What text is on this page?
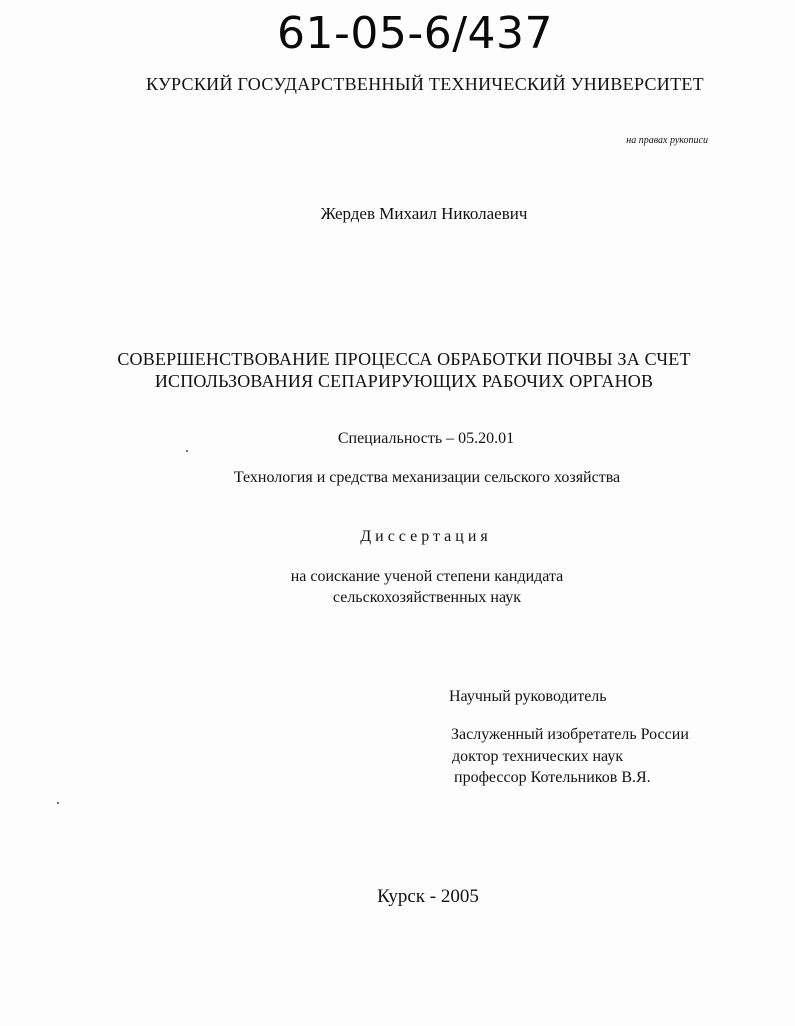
61-05-6/437
КУРСКИЙ ГОСУДАРСТВЕННЫЙ ТЕХНИЧЕСКИЙ УНИВЕРСИТЕТ
на правах рукописи
Жердев Михаил Николаевич
СОВЕРШЕНСТВОВАНИЕ ПРОЦЕССА ОБРАБОТКИ ПОЧВЫ ЗА СЧЕТ
ИСПОЛЬЗОВАНИЯ СЕПАРИРУЮЩИХ РАБОЧИХ ОРГАНОВ
Специальность – 05.20.01
Технология и средства механизации сельского хозяйства
Диссертация
на соискание ученой степени кандидата
сельскохозяйственных наук
Научный руководитель
Заслуженный изобретатель России
доктор технических наук
профессор Котельников В.Я.
Курск - 2005
